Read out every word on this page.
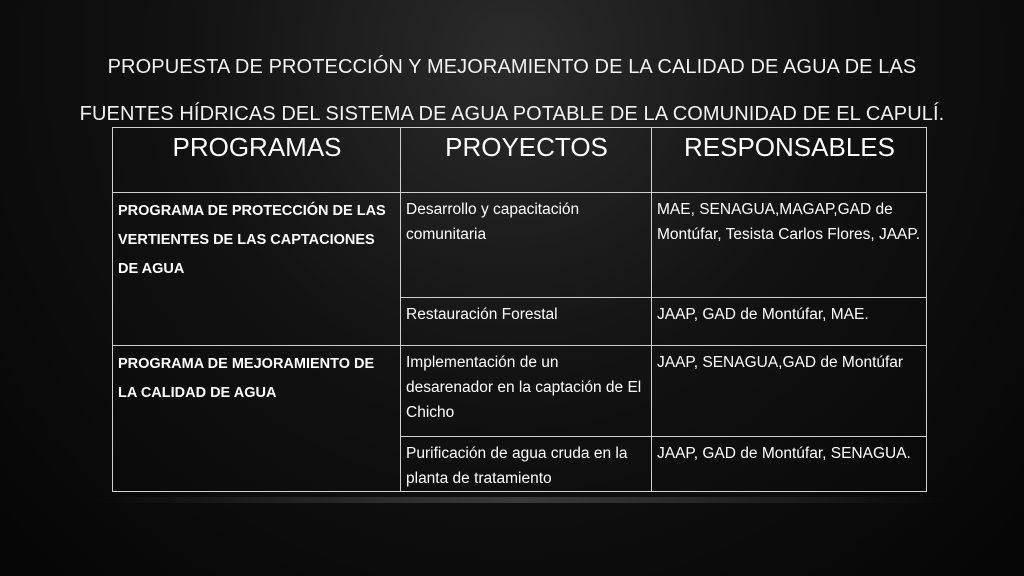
PROPUESTA DE PROTECCIÓN Y MEJORAMIENTO DE LA CALIDAD DE AGUA DE LAS
FUENTES HÍDRICAS DEL SISTEMA DE AGUA POTABLE DE LA COMUNIDAD DE EL CAPULÍ.
PROGRAMAS	PROYECTOS	RESPONSABLES
PROGRAMA DE PROTECCIÓN DE LAS VERTIENTES DE LAS CAPTACIONES DE AGUA	Desarrollo y capacitación comunitaria	MAE, SENAGUA,MAGAP,GAD de Montúfar, Tesista Carlos Flores, JAAP.
	Restauración Forestal	JAAP, GAD de Montúfar, MAE.
PROGRAMA DE MEJORAMIENTO DE LA CALIDAD DE AGUA	Implementación de un desarenador en la captación de El Chicho	JAAP, SENAGUA,GAD de Montúfar
	Purificación de agua cruda en la planta de tratamiento	JAAP, GAD de Montúfar, SENAGUA.
